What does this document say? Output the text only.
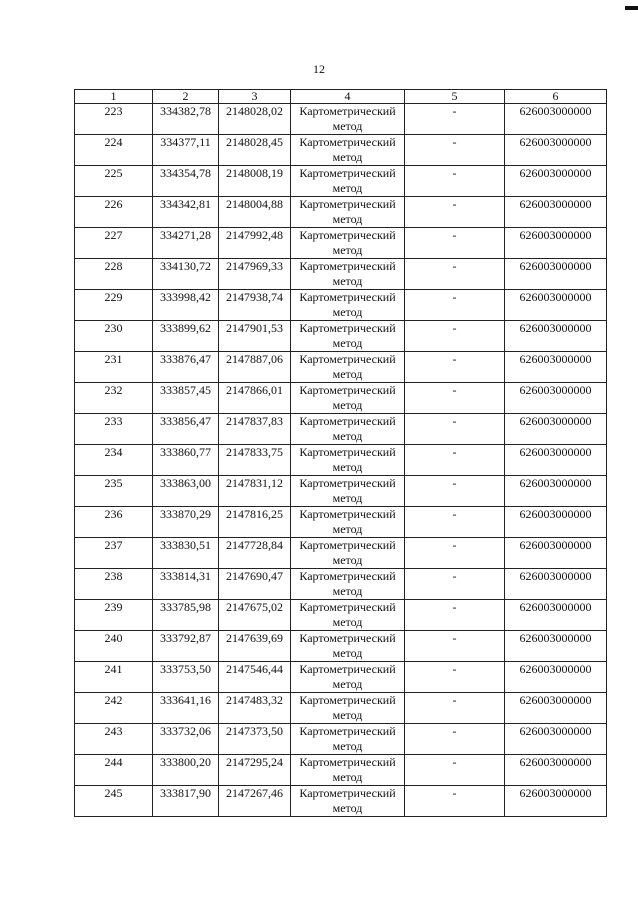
12
1	2	3	4	5	6
223	334382,78	2148028,02	Картометрический метод	-	626003000000
224	334377,11	2148028,45	Картометрический метод	-	626003000000
225	334354,78	2148008,19	Картометрический метод	-	626003000000
226	334342,81	2148004,88	Картометрический метод	-	626003000000
227	334271,28	2147992,48	Картометрический метод	-	626003000000
228	334130,72	2147969,33	Картометрический метод	-	626003000000
229	333998,42	2147938,74	Картометрический метод	-	626003000000
230	333899,62	2147901,53	Картометрический метод	-	626003000000
231	333876,47	2147887,06	Картометрический метод	-	626003000000
232	333857,45	2147866,01	Картометрический метод	-	626003000000
233	333856,47	2147837,83	Картометрический метод	-	626003000000
234	333860,77	2147833,75	Картометрический метод	-	626003000000
235	333863,00	2147831,12	Картометрический метод	-	626003000000
236	333870,29	2147816,25	Картометрический метод	-	626003000000
237	333830,51	2147728,84	Картометрический метод	-	626003000000
238	333814,31	2147690,47	Картометрический метод	-	626003000000
239	333785,98	2147675,02	Картометрический метод	-	626003000000
240	333792,87	2147639,69	Картометрический метод	-	626003000000
241	333753,50	2147546,44	Картометрический метод	-	626003000000
242	333641,16	2147483,32	Картометрический метод	-	626003000000
243	333732,06	2147373,50	Картометрический метод	-	626003000000
244	333800,20	2147295,24	Картометрический метод	-	626003000000
245	333817,90	2147267,46	Картометрический метод	-	626003000000
